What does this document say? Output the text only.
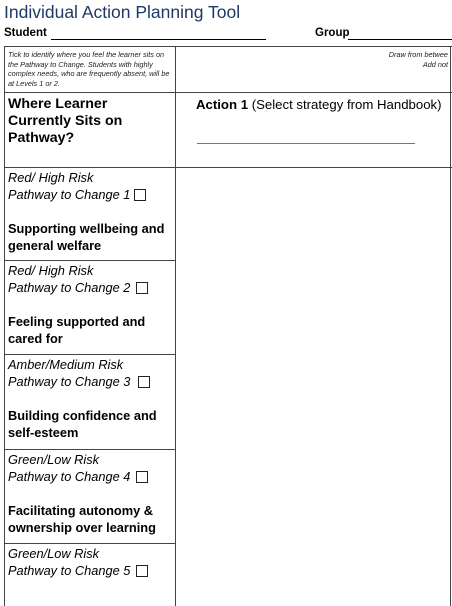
Individual Action Planning Tool
Student	Group
Tick to identify where you feel the learner sits on the Pathway to Change. Students with highly complex needs, who are frequently absent, will be at Levels 1 or 2.
Draw from betwee
Add not
Where Learner Currently Sits on Pathway?
Action 1 (Select strategy from Handbook)
Red/ High Risk
Pathway to Change 1
Supporting wellbeing and general welfare
Red/ High Risk
Pathway to Change 2
Feeling supported and cared for
Amber/Medium Risk
Pathway to Change 3
Building confidence and self-esteem
Green/Low Risk
Pathway to Change 4
Facilitating autonomy & ownership over learning
Green/Low Risk
Pathway to Change 5
